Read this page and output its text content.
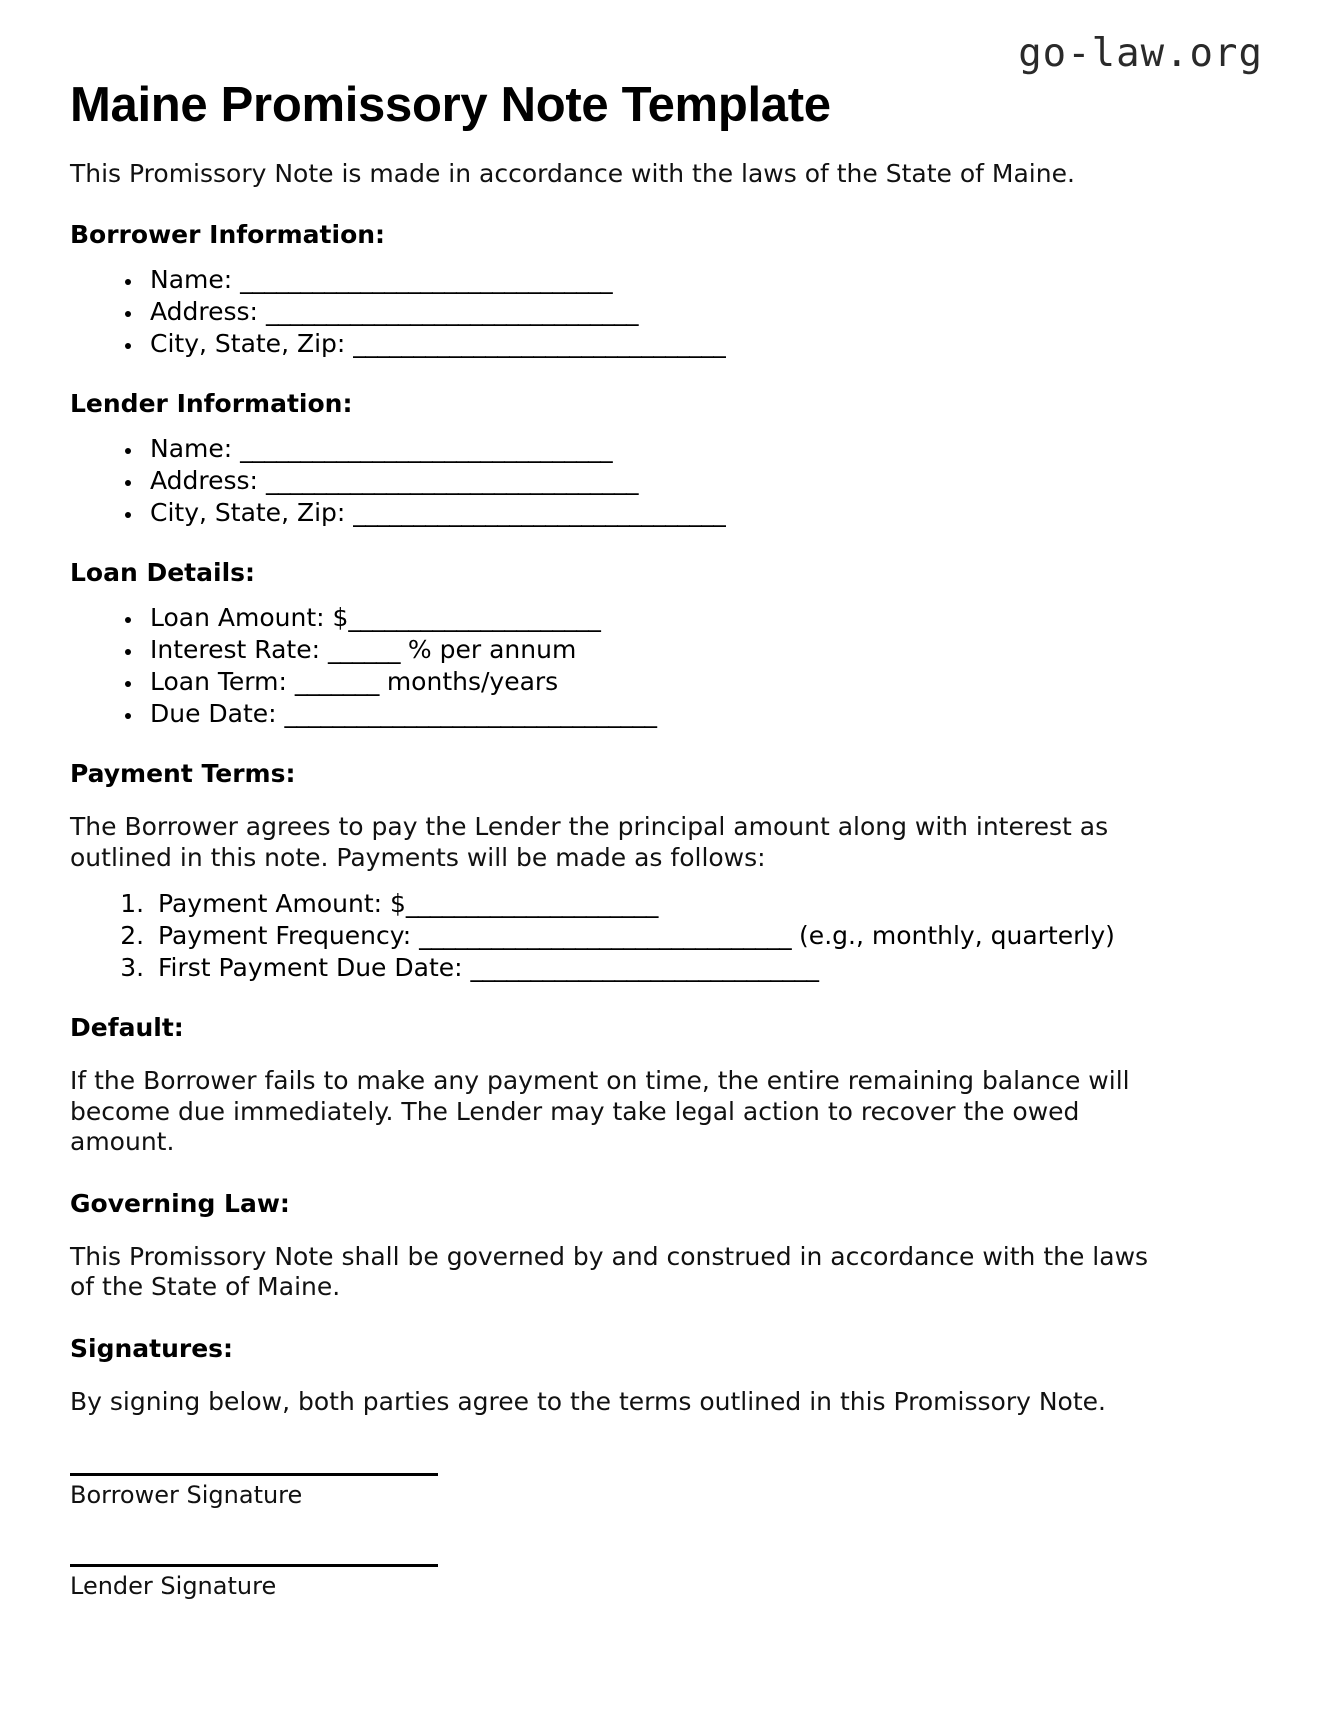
go-law.org
Maine Promissory Note Template

This Promissory Note is made in accordance with the laws of the State of Maine.

Borrower Information:
• Name: _______________________________
• Address: _______________________________
• City, State, Zip: _______________________________
Lender Information:
• Name: _______________________________
• Address: _______________________________
• City, State, Zip: _______________________________
Loan Details:
• Loan Amount: $_____________________
• Interest Rate: ______ % per annum
• Loan Term: _______ months/years
• Due Date: _______________________________
Payment Terms:

The Borrower agrees to pay the Lender the principal amount along with interest as outlined in this note. Payments will be made as follows:

1. Payment Amount: $_____________________
2. Payment Frequency: _______________________________ (e.g., monthly, quarterly)
3. First Payment Due Date: _____________________________
Default:

If the Borrower fails to make any payment on time, the entire remaining balance will become due immediately. The Lender may take legal action to recover the owed amount.

Governing Law:

This Promissory Note shall be governed by and construed in accordance with the laws of the State of Maine.

Signatures:

By signing below, both parties agree to the terms outlined in this Promissory Note.

Borrower Signature
Lender Signature
